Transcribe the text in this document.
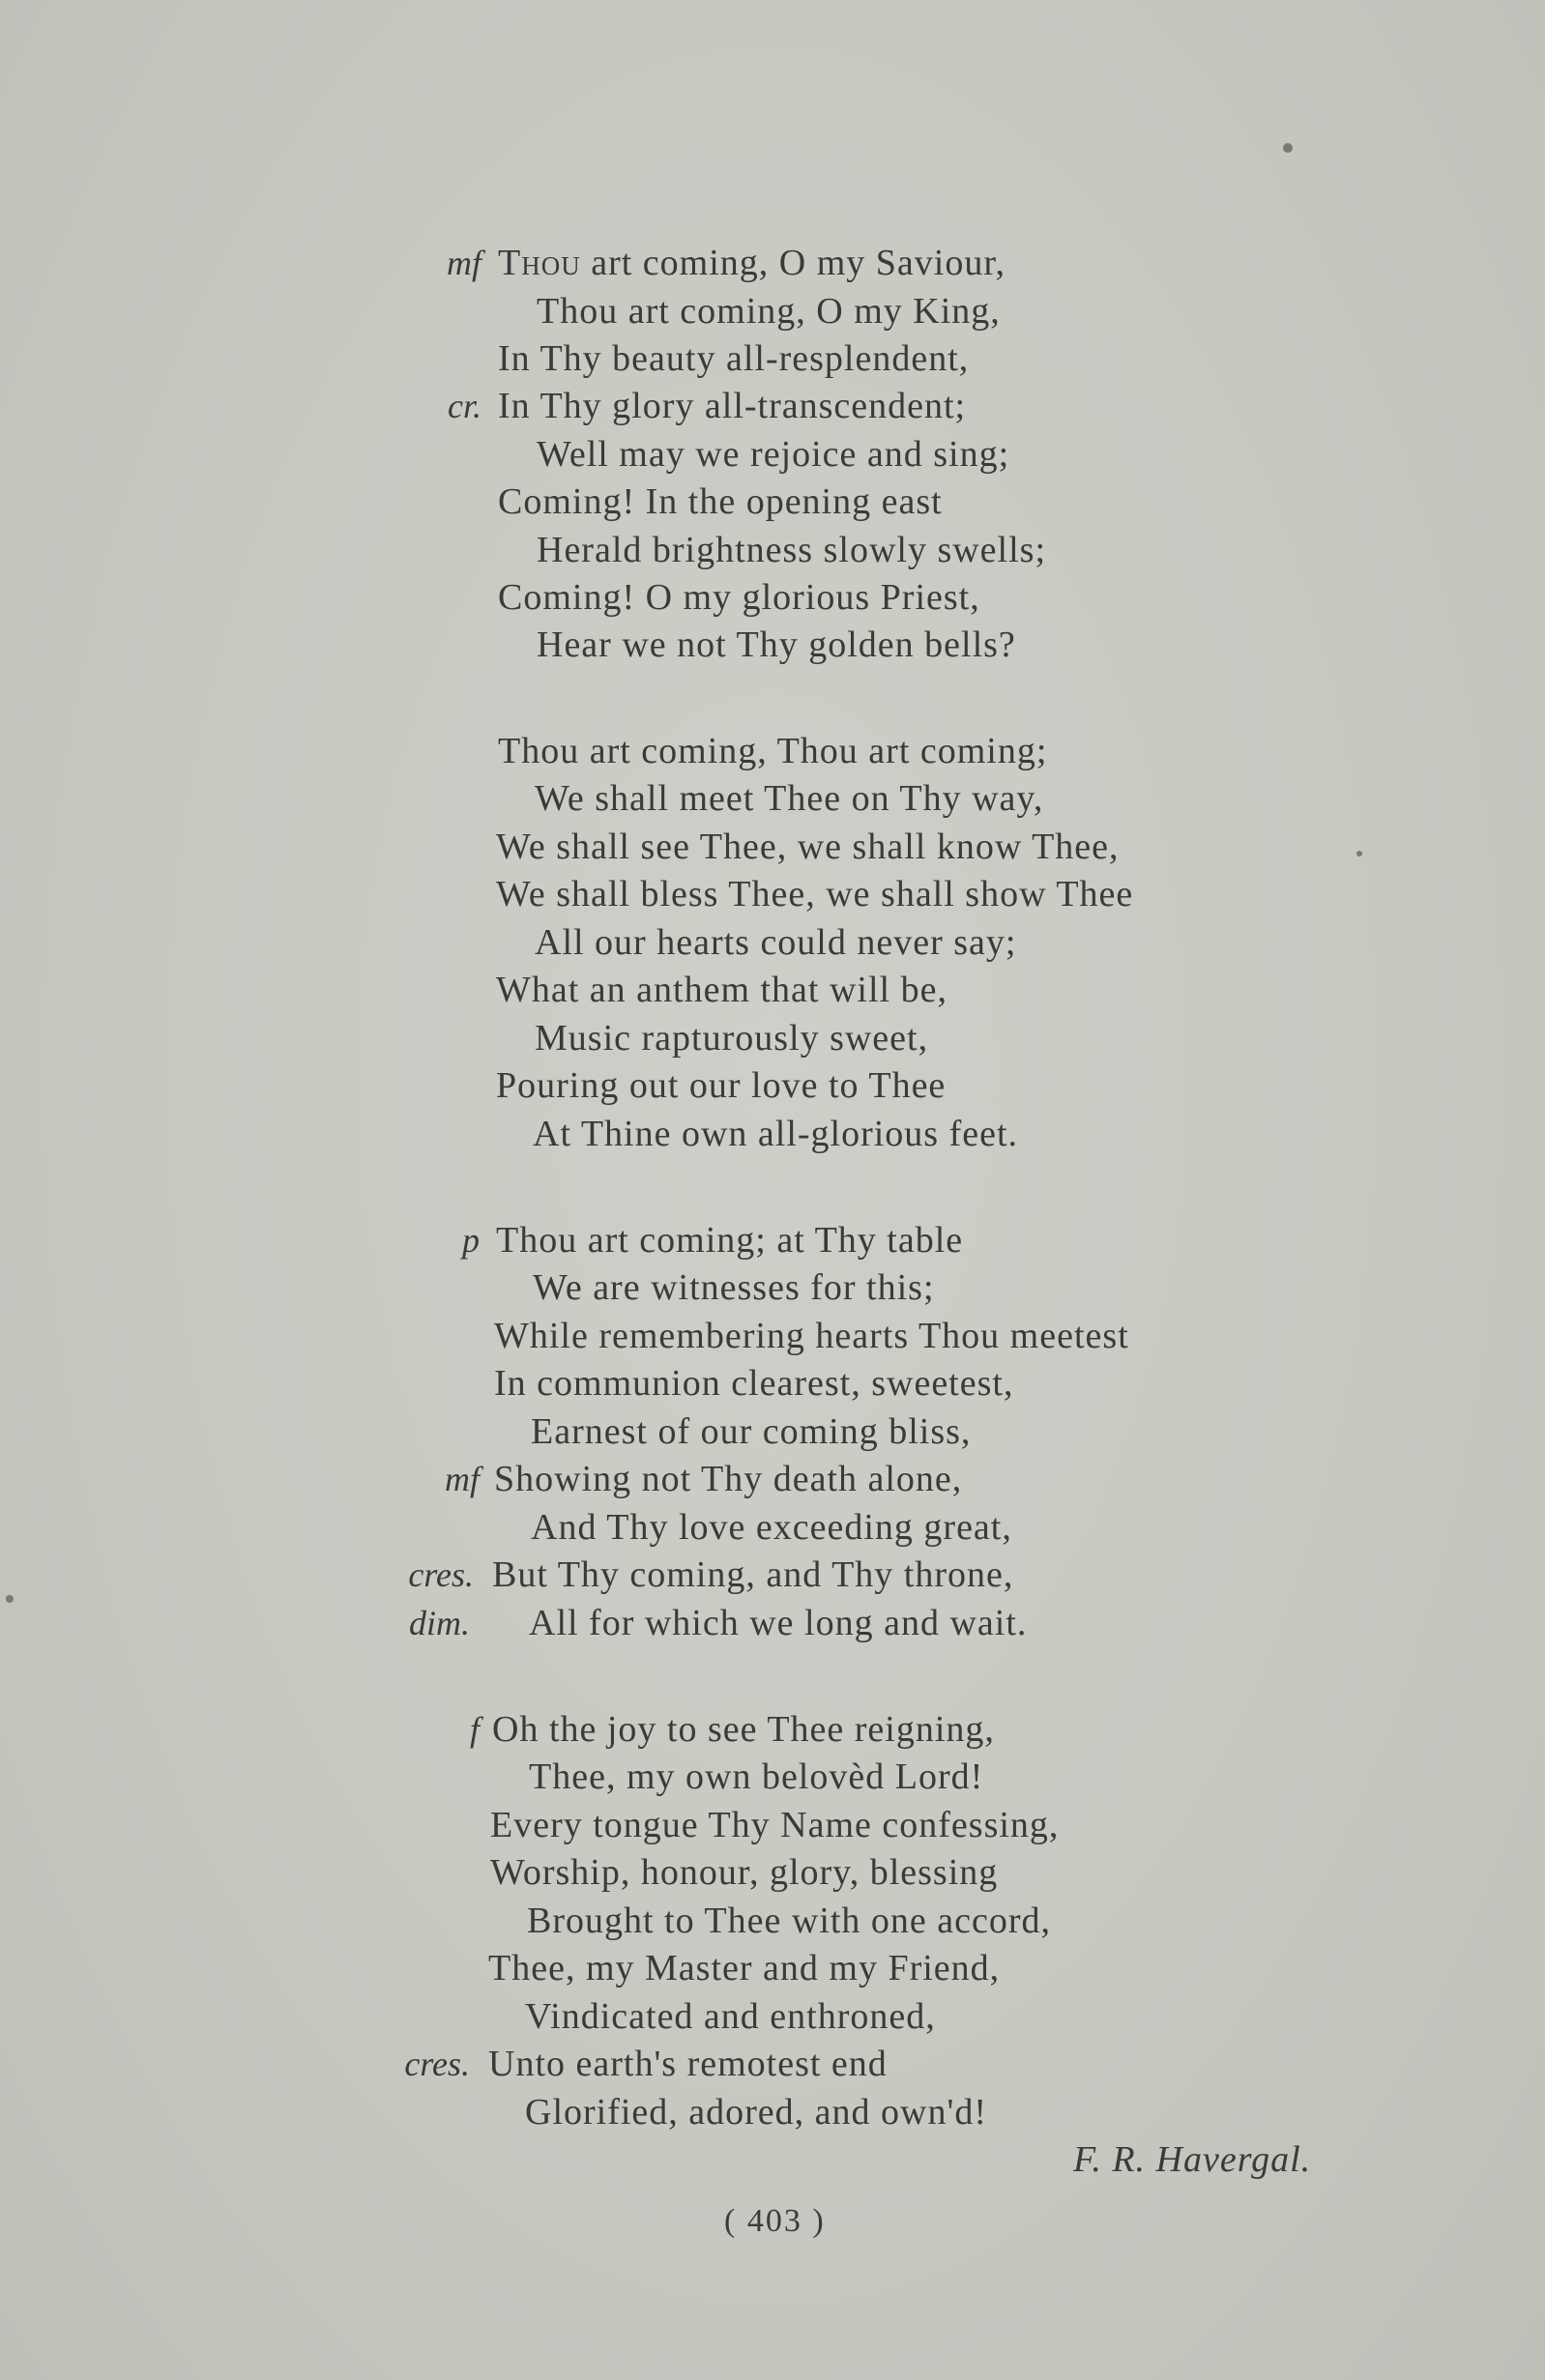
mf Thou art coming, O my Saviour,
Thou art coming, O my King,
In Thy beauty all-resplendent,
cr. In Thy glory all-transcendent;
Well may we rejoice and sing;
Coming! In the opening east
Herald brightness slowly swells;
Coming! O my glorious Priest,
Hear we not Thy golden bells?
Thou art coming, Thou art coming;
We shall meet Thee on Thy way,
We shall see Thee, we shall know Thee,
We shall bless Thee, we shall show Thee
All our hearts could never say;
What an anthem that will be,
Music rapturously sweet,
Pouring out our love to Thee
At Thine own all-glorious feet.
p Thou art coming; at Thy table
We are witnesses for this;
While remembering hearts Thou meetest
In communion clearest, sweetest,
Earnest of our coming bliss,
mf Showing not Thy death alone,
And Thy love exceeding great,
cres. But Thy coming, and Thy throne,
dim. All for which we long and wait.
f Oh the joy to see Thee reigning,
Thee, my own belovèd Lord!
Every tongue Thy Name confessing,
Worship, honour, glory, blessing
Brought to Thee with one accord,
Thee, my Master and my Friend,
Vindicated and enthroned,
cres. Unto earth's remotest end
Glorified, adored, and own'd!
F. R. Havergal.
( 403 )
